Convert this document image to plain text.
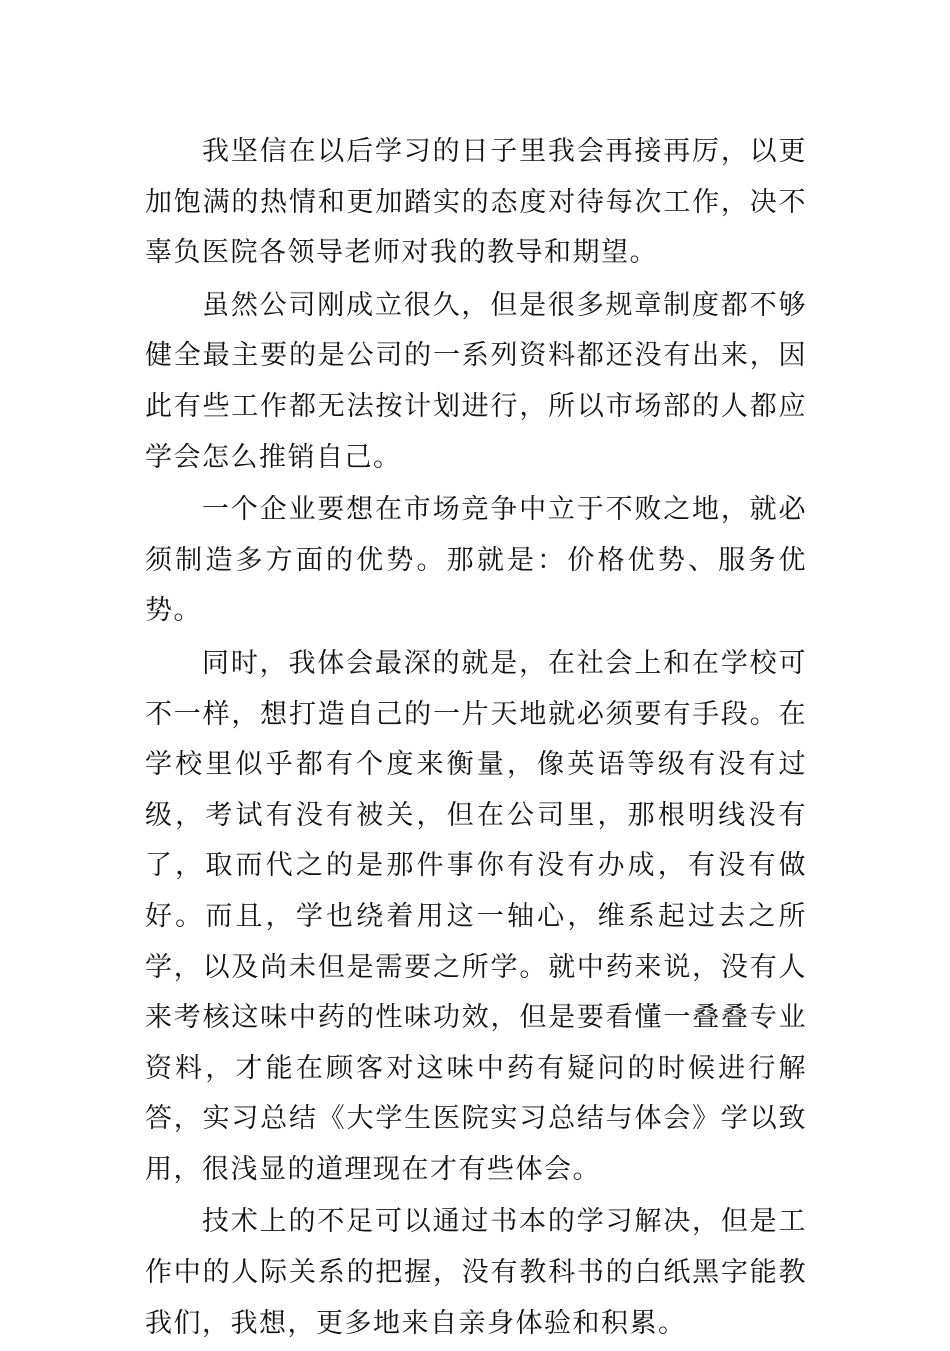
我坚信在以后学习的日子里我会再接再厉，以更加饱满的热情和更加踏实的态度对待每次工作，决不辜负医院各领导老师对我的教导和期望。

虽然公司刚成立很久，但是很多规章制度都不够健全最主要的是公司的一系列资料都还没有出来，因此有些工作都无法按计划进行，所以市场部的人都应学会怎么推销自己。

一个企业要想在市场竞争中立于不败之地，就必须制造多方面的优势。那就是：价格优势、服务优势。

同时，我体会最深的就是，在社会上和在学校可不一样，想打造自己的一片天地就必须要有手段。在学校里似乎都有个度来衡量，像英语等级有没有过级，考试有没有被关，但在公司里，那根明线没有了，取而代之的是那件事你有没有办成，有没有做好。而且，学也绕着用这一轴心，维系起过去之所学，以及尚未但是需要之所学。就中药来说，没有人来考核这味中药的性味功效，但是要看懂一叠叠专业资料，才能在顾客对这味中药有疑问的时候进行解答，实习总结《大学生医院实习总结与体会》学以致用，很浅显的道理现在才有些体会。

技术上的不足可以通过书本的学习解决，但是工作中的人际关系的把握，没有教科书的白纸黑字能教我们，我想，更多地来自亲身体验和积累。
